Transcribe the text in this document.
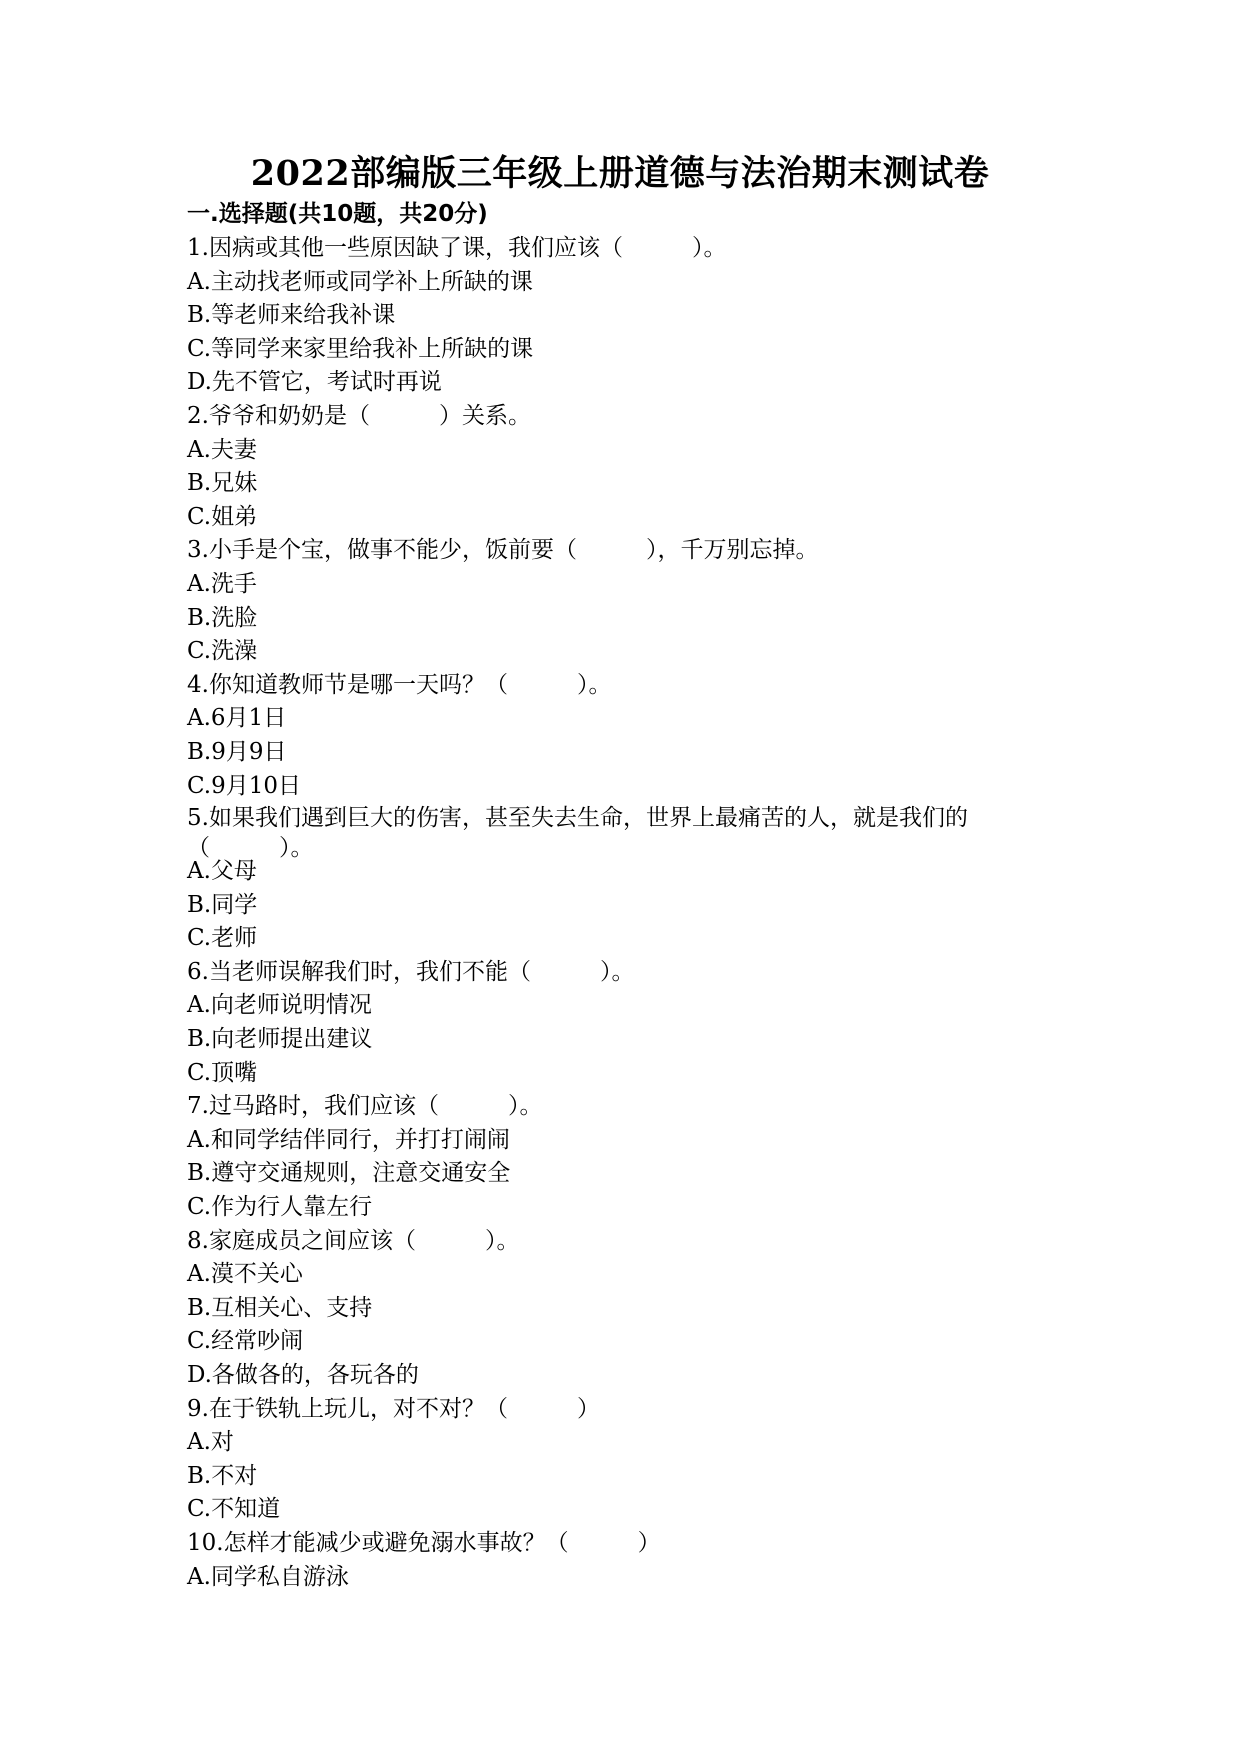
2022部编版三年级上册道德与法治期末测试卷
一.选择题(共10题，共20分)
1.因病或其他一些原因缺了课，我们应该（　　　）。
A.主动找老师或同学补上所缺的课
B.等老师来给我补课
C.等同学来家里给我补上所缺的课
D.先不管它，考试时再说
2.爷爷和奶奶是（　　　）关系。
A.夫妻
B.兄妹
C.姐弟
3.小手是个宝，做事不能少，饭前要（　　　），千万别忘掉。
A.洗手
B.洗脸
C.洗澡
4.你知道教师节是哪一天吗？（　　　）。
A.6月1日
B.9月9日
C.9月10日
5.如果我们遇到巨大的伤害，甚至失去生命，世界上最痛苦的人，就是我们的
（　　　）。
A.父母
B.同学
C.老师
6.当老师误解我们时，我们不能（　　　）。
A.向老师说明情况
B.向老师提出建议
C.顶嘴
7.过马路时，我们应该（　　　）。
A.和同学结伴同行，并打打闹闹
B.遵守交通规则，注意交通安全
C.作为行人靠左行
8.家庭成员之间应该（　　　）。
A.漠不关心
B.互相关心、支持
C.经常吵闹
D.各做各的，各玩各的
9.在于铁轨上玩儿，对不对？（　　　）
A.对
B.不对
C.不知道
10.怎样才能减少或避免溺水事故？（　　　）
A.同学私自游泳
